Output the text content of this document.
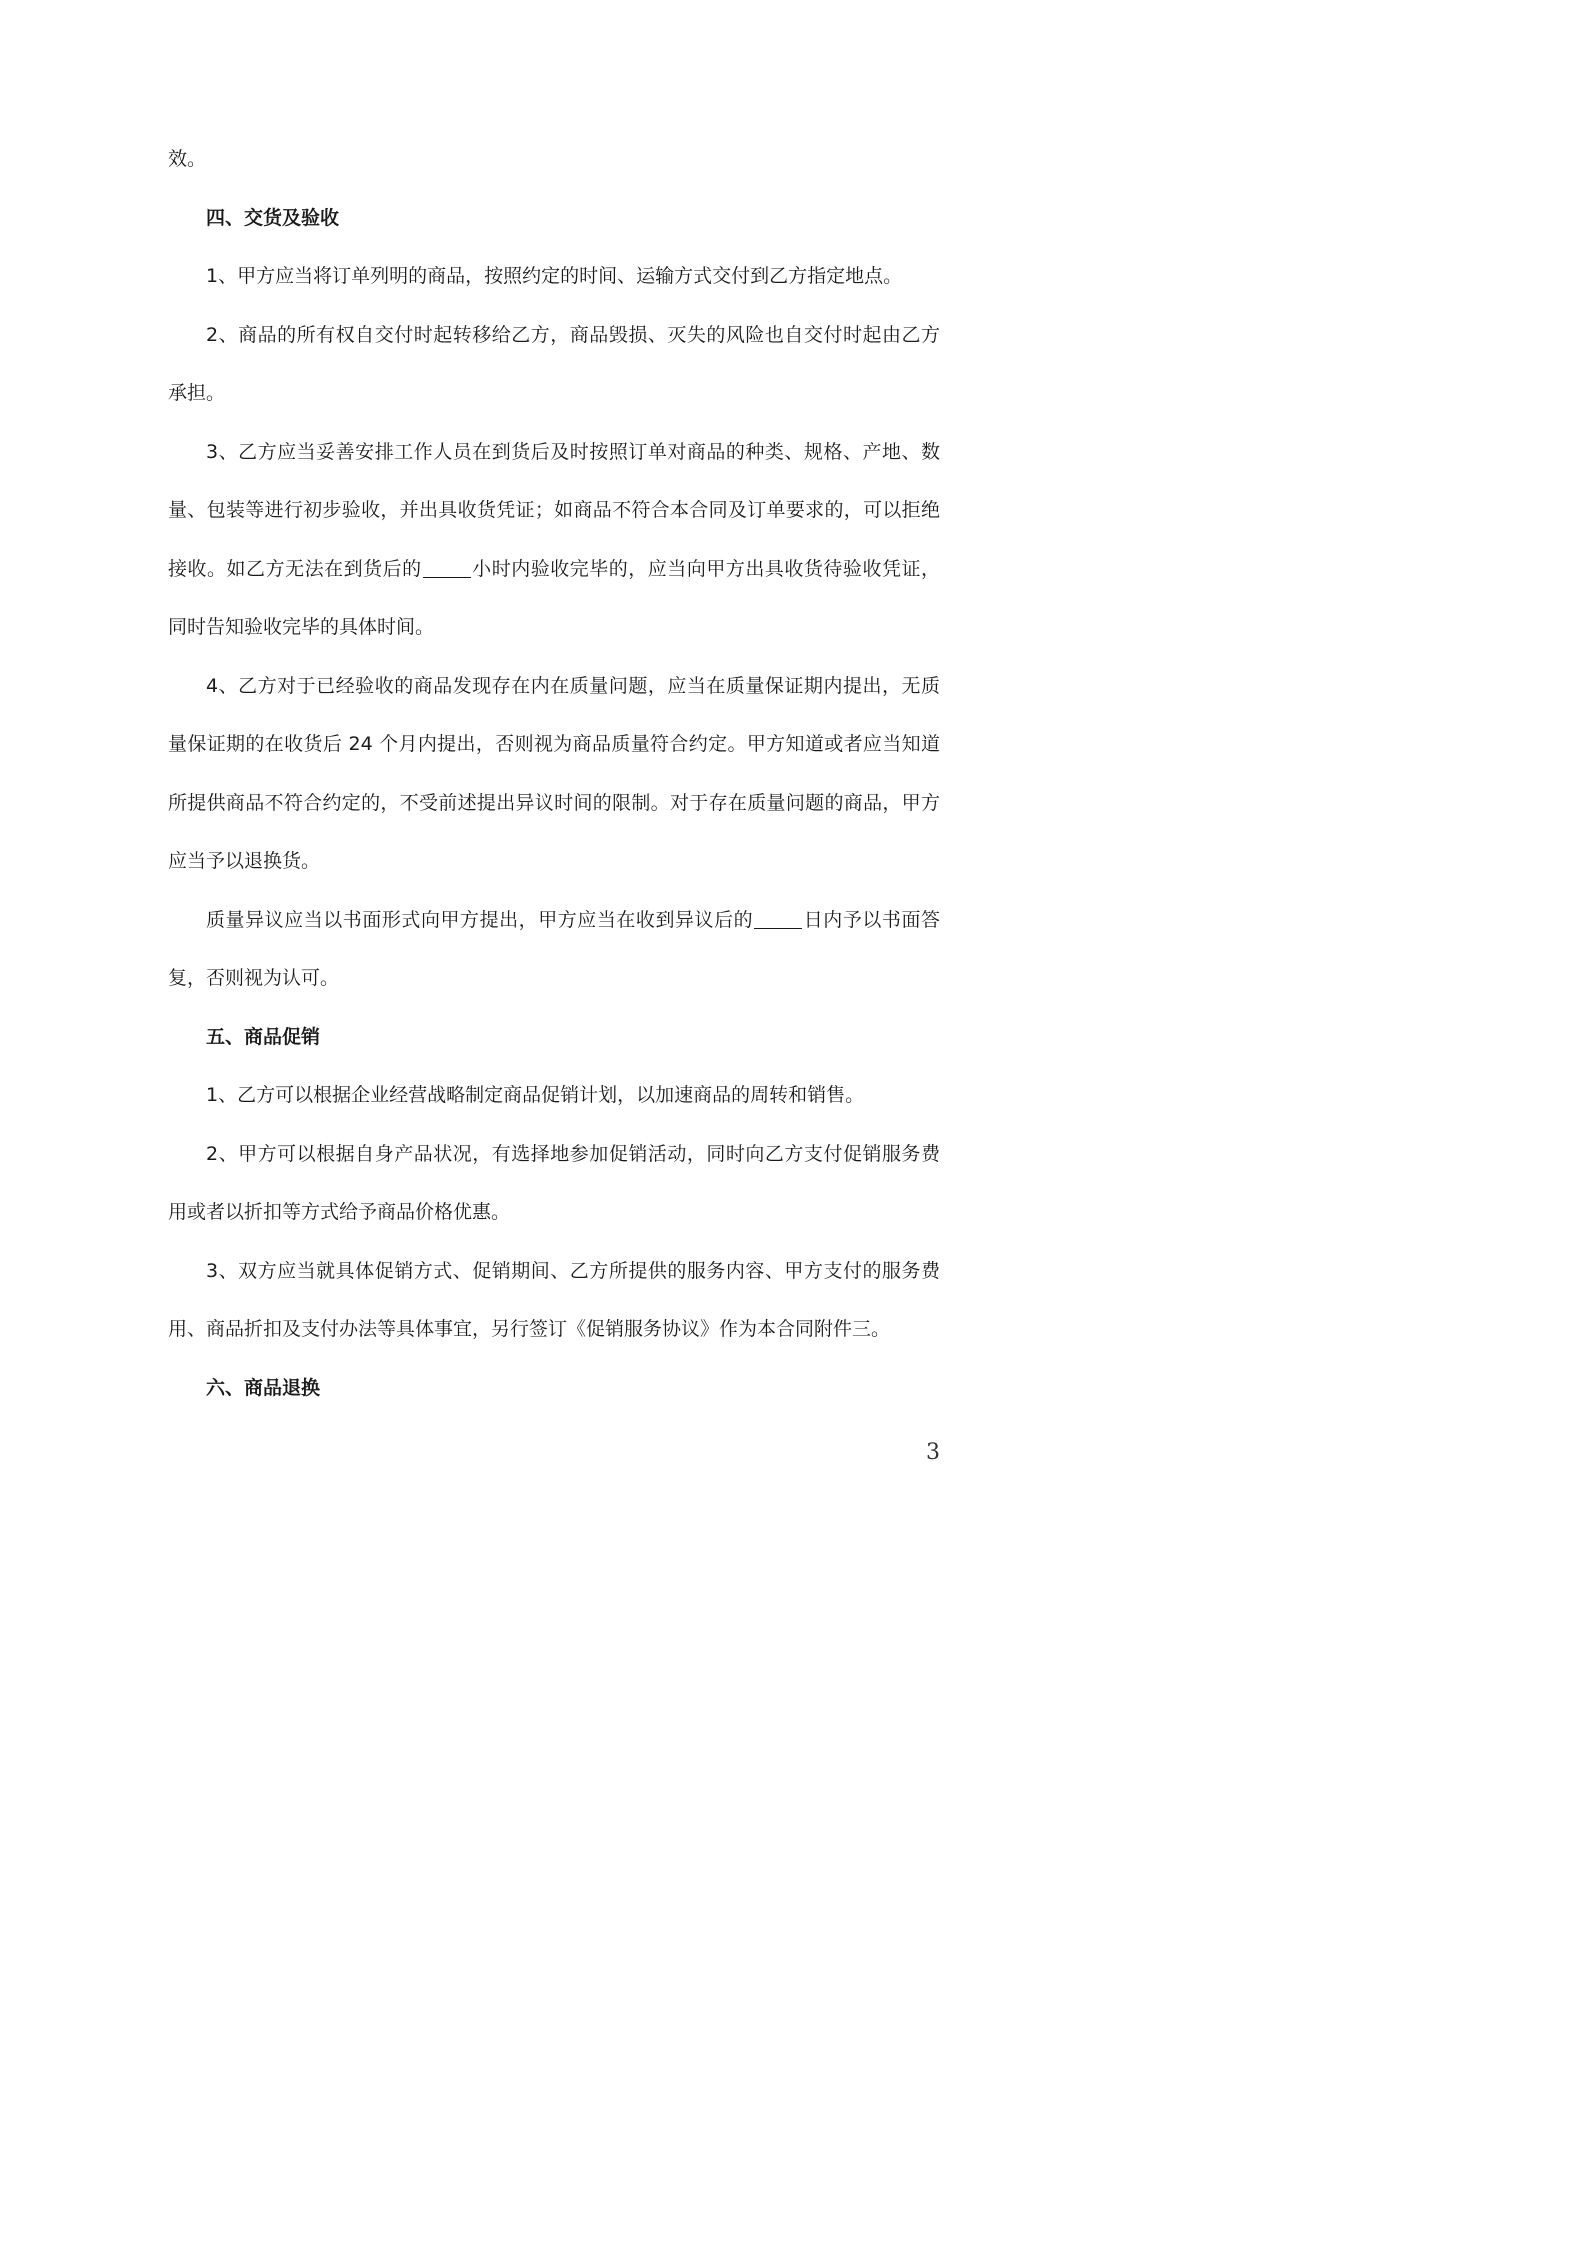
效。

四、交货及验收

1、甲方应当将订单列明的商品，按照约定的时间、运输方式交付到乙方指定地点。

2、商品的所有权自交付时起转移给乙方，商品毁损、灭失的风险也自交付时起由乙方承担。

3、乙方应当妥善安排工作人员在到货后及时按照订单对商品的种类、规格、产地、数量、包装等进行初步验收，并出具收货凭证；如商品不符合本合同及订单要求的，可以拒绝接收。如乙方无法在到货后的	小时内验收完毕的，应当向甲方出具收货待验收凭证，同时告知验收完毕的具体时间。

4、乙方对于已经验收的商品发现存在内在质量问题，应当在质量保证期内提出，无质量保证期的在收货后 24 个月内提出，否则视为商品质量符合约定。甲方知道或者应当知道所提供商品不符合约定的，不受前述提出异议时间的限制。对于存在质量问题的商品，甲方应当予以退换货。

质量异议应当以书面形式向甲方提出，甲方应当在收到异议后的	日内予以书面答复，否则视为认可。

五、商品促销

1、乙方可以根据企业经营战略制定商品促销计划，以加速商品的周转和销售。

2、甲方可以根据自身产品状况，有选择地参加促销活动，同时向乙方支付促销服务费用或者以折扣等方式给予商品价格优惠。

3、双方应当就具体促销方式、促销期间、乙方所提供的服务内容、甲方支付的服务费用、商品折扣及支付办法等具体事宜，另行签订《促销服务协议》作为本合同附件三。

六、商品退换

3
